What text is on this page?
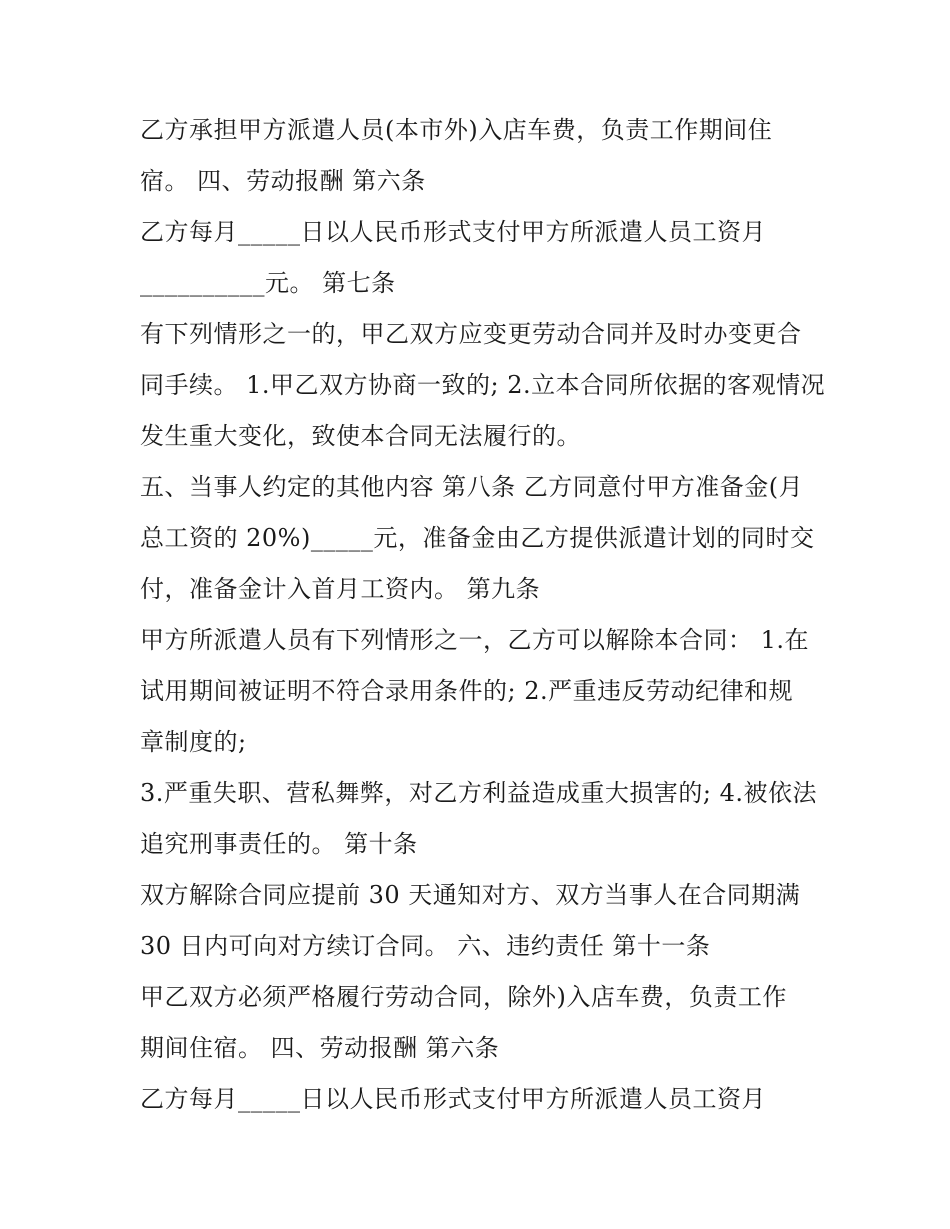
乙方承担甲方派遣人员(本市外)入店车费，负责工作期间住
宿。 四、劳动报酬 第六条
乙方每月_____日以人民币形式支付甲方所派遣人员工资月
__________元。 第七条
有下列情形之一的，甲乙双方应变更劳动合同并及时办变更合
同手续。 1.甲乙双方协商一致的; 2.立本合同所依据的客观情况
发生重大变化，致使本合同无法履行的。
五、当事人约定的其他内容 第八条 乙方同意付甲方准备金(月
总工资的 20%)_____元，准备金由乙方提供派遣计划的同时交
付，准备金计入首月工资内。 第九条
甲方所派遣人员有下列情形之一，乙方可以解除本合同： 1.在
试用期间被证明不符合录用条件的; 2.严重违反劳动纪律和规
章制度的;
3.严重失职、营私舞弊，对乙方利益造成重大损害的; 4.被依法
追究刑事责任的。 第十条
双方解除合同应提前 30 天通知对方、双方当事人在合同期满
30 日内可向对方续订合同。 六、违约责任 第十一条
甲乙双方必须严格履行劳动合同，除外)入店车费，负责工作
期间住宿。 四、劳动报酬 第六条
乙方每月_____日以人民币形式支付甲方所派遣人员工资月
